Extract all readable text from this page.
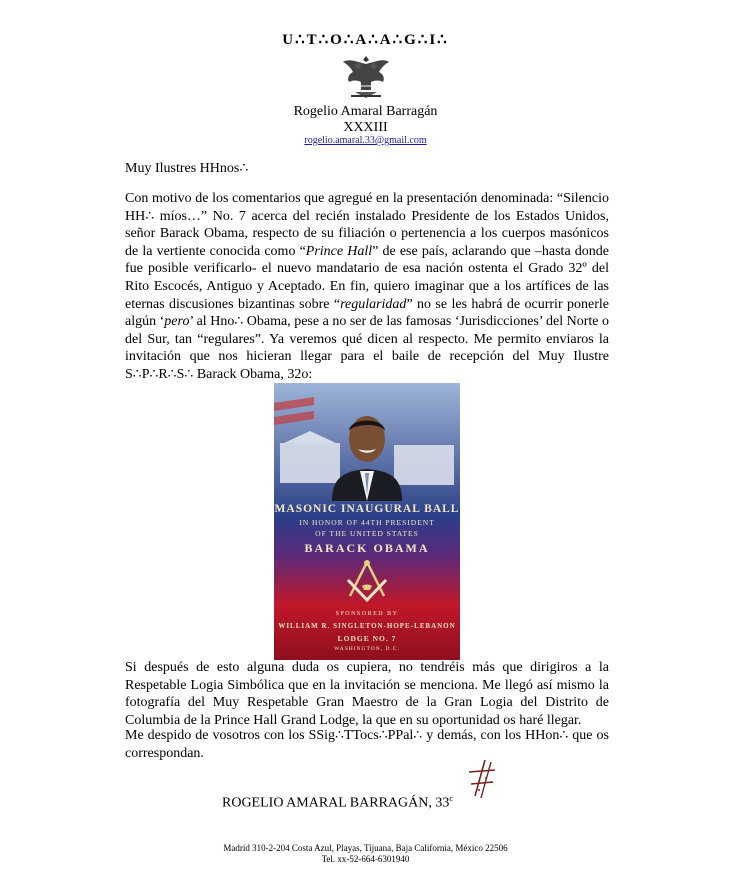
U∴T∴O∴A∴A∴G∴I∴
Rogelio Amaral Barragán
XXXIII
rogelio.amaral.33@gmail.com
Muy Ilustres HHnos∴

Con motivo de los comentarios que agregué en la presentación denominada: “Silencio HH∴ míos…” No. 7 acerca del recién instalado Presidente de los Estados Unidos, señor Barack Obama, respecto de su filiación o pertenencia a los cuerpos masónicos de la vertiente conocida como “Prince Hall” de ese país, aclarando que –hasta donde fue posible verificarlo- el nuevo mandatario de esa nación ostenta el Grado 32º del Rito Escocés, Antiguo y Aceptado. En fin, quiero imaginar que a los artífices de las eternas discusiones bizantinas sobre “regularidad” no se les habrá de ocurrir ponerle algún ‘pero’ al Hno∴ Obama, pese a no ser de las famosas ‘Jurisdicciones’ del Norte o del Sur, tan “regulares”. Ya veremos qué dicen al respecto. Me permito enviaros la invitación que nos hicieran llegar para el baile de recepción del Muy Ilustre S∴P∴R∴S∴ Barack Obama, 32o:

MASONIC INAUGURAL BALL
IN HONOR OF 44TH PRESIDENT
OF THE UNITED STATES
BARACK OBAMA
SPONSORED BY
WILLIAM R. SINGLETON-HOPE-LEBANON
LODGE NO. 7
WASHINGTON, D.C.

Si después de esto alguna duda os cupiera, no tendréis más que dirigiros a la Respetable Logia Simbólica que en la invitación se menciona. Me llegó así mismo la fotografía del Muy Respetable Gran Maestro de la Gran Logia del Distrito de Columbia de la Prince Hall Grand Lodge, la que en su oportunidad os haré llegar.

Me despido de vosotros con los SSig∴TTocs∴PPal∴ y demás, con los HHon∴ que os correspondan.

ROGELIO AMARAL BARRAGÁN, 33$^c$
Madrid 310-2-204 Costa Azul, Playas, Tijuana, Baja California, México 22506
Tel. xx-52-664-6301940
